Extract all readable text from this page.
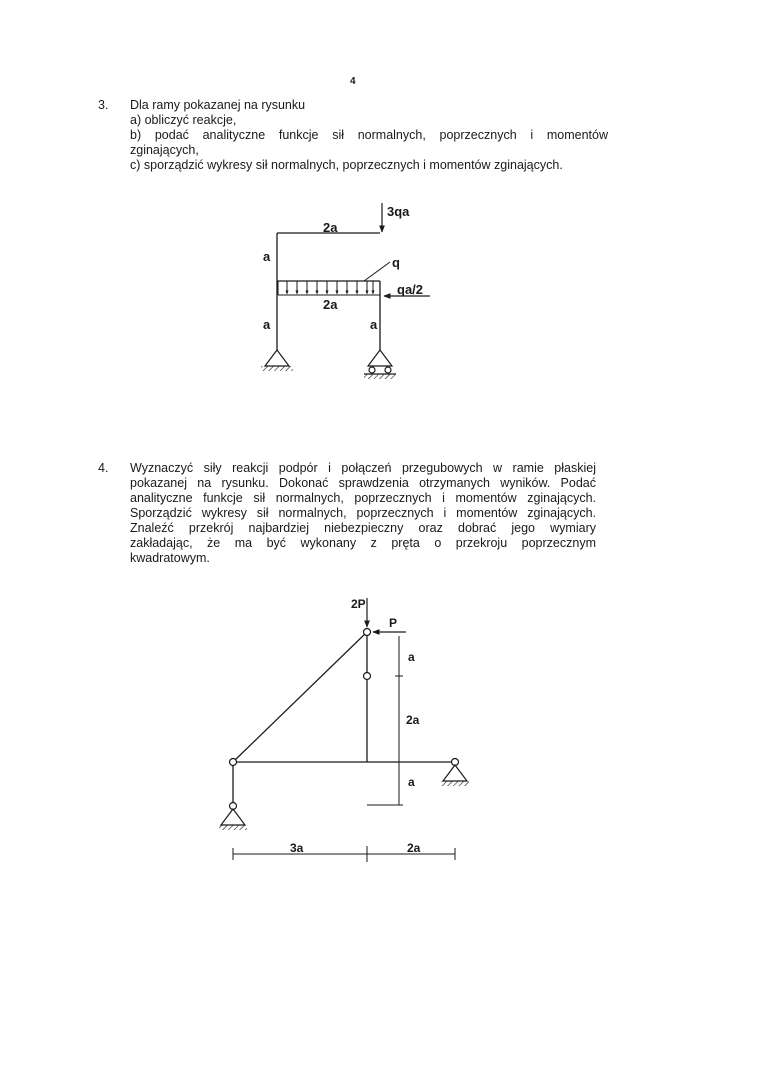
4
3. Dla ramy pokazanej na rysunku
a) obliczyć reakcje,
b) podać analityczne funkcje sił normalnych, poprzecznych i momentów
zginających,
c) sporządzić wykresy sił normalnych, poprzecznych i momentów zginających.
3qa
2a
a	q
qa/2
2a
a	a
4. Wyznaczyć siły reakcji podpór i połączeń przegubowych w ramie płaskiej
pokazanej na rysunku. Dokonać sprawdzenia otrzymanych wyników. Podać
analityczne funkcje sił normalnych, poprzecznych i momentów zginających.
Sporządzić wykresy sił normalnych, poprzecznych i momentów zginających.
Znaleźć przekrój najbardziej niebezpieczny oraz dobrać jego wymiary
zakładając, że ma być wykonany z pręta o przekroju poprzecznym
kwadratowym.
2P
P
a
2a
a
3a	2a
